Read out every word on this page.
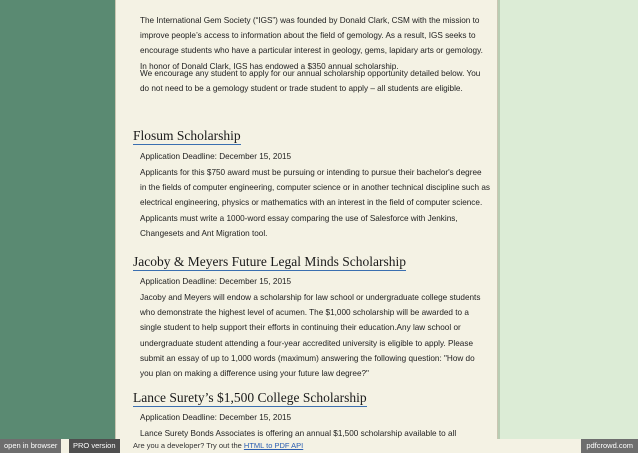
The International Gem Society (“IGS”) was founded by Donald Clark, CSM with the mission to improve people’s access to information about the field of gemology. As a result, IGS seeks to encourage students who have a particular interest in geology, gems, lapidary arts or gemology. In honor of Donald Clark, IGS has endowed a $350 annual scholarship.

We encourage any student to apply for our annual scholarship opportunity detailed below. You do not need to be a gemology student or trade student to apply – all students are eligible.

Flosum Scholarship

Application Deadline: December 15, 2015

Applicants for this $750 award must be pursuing or intending to pursue their bachelor's degree in the fields of computer engineering, computer science or in another technical discipline such as electrical engineering, physics or mathematics with an interest in the field of computer science. Applicants must write a 1000-word essay comparing the use of Salesforce with Jenkins, Changesets and Ant Migration tool.

Jacoby & Meyers Future Legal Minds Scholarship

Application Deadline: December 15, 2015

Jacoby and Meyers will endow a scholarship for law school or undergraduate college students who demonstrate the highest level of acumen. The $1,000 scholarship will be awarded to a single student to help support their efforts in continuing their education.Any law school or undergraduate student attending a four-year accredited university is eligible to apply. Please submit an essay of up to 1,000 words (maximum) answering the following question: "How do you plan on making a difference using your future law degree?"

Lance Surety’s $1,500 College Scholarship

Application Deadline: December 15, 2015

Lance Surety Bonds Associates is offering an annual $1,500 scholarship available to all

open in browser	PRO version	Are you a developer? Try out the HTML to PDF API	pdfcrowd.com
